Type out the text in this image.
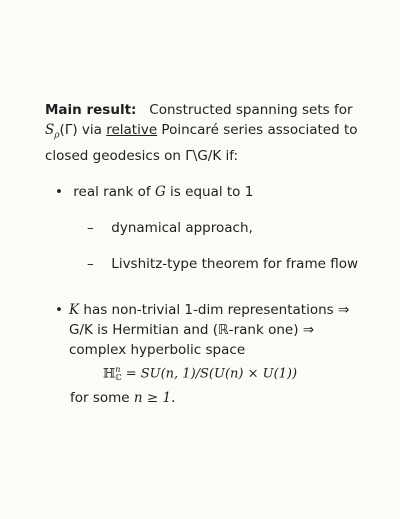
Main result: Constructed spanning sets for
$S_\rho(\Gamma)$ via relative Poincaré series associated to
closed geodesics on Γ\G/K if:
• real rank of G is equal to 1
– dynamical approach,
– Livshitz-type theorem for frame flow
• K has non-trivial 1-dim representations ⇒
G/K is Hermitian and (ℝ-rank one) ⇒
complex hyperbolic space
ℍ n
ℂ = SU(n, 1)/S(U(n) × U(1))
for some n ≥ 1.
